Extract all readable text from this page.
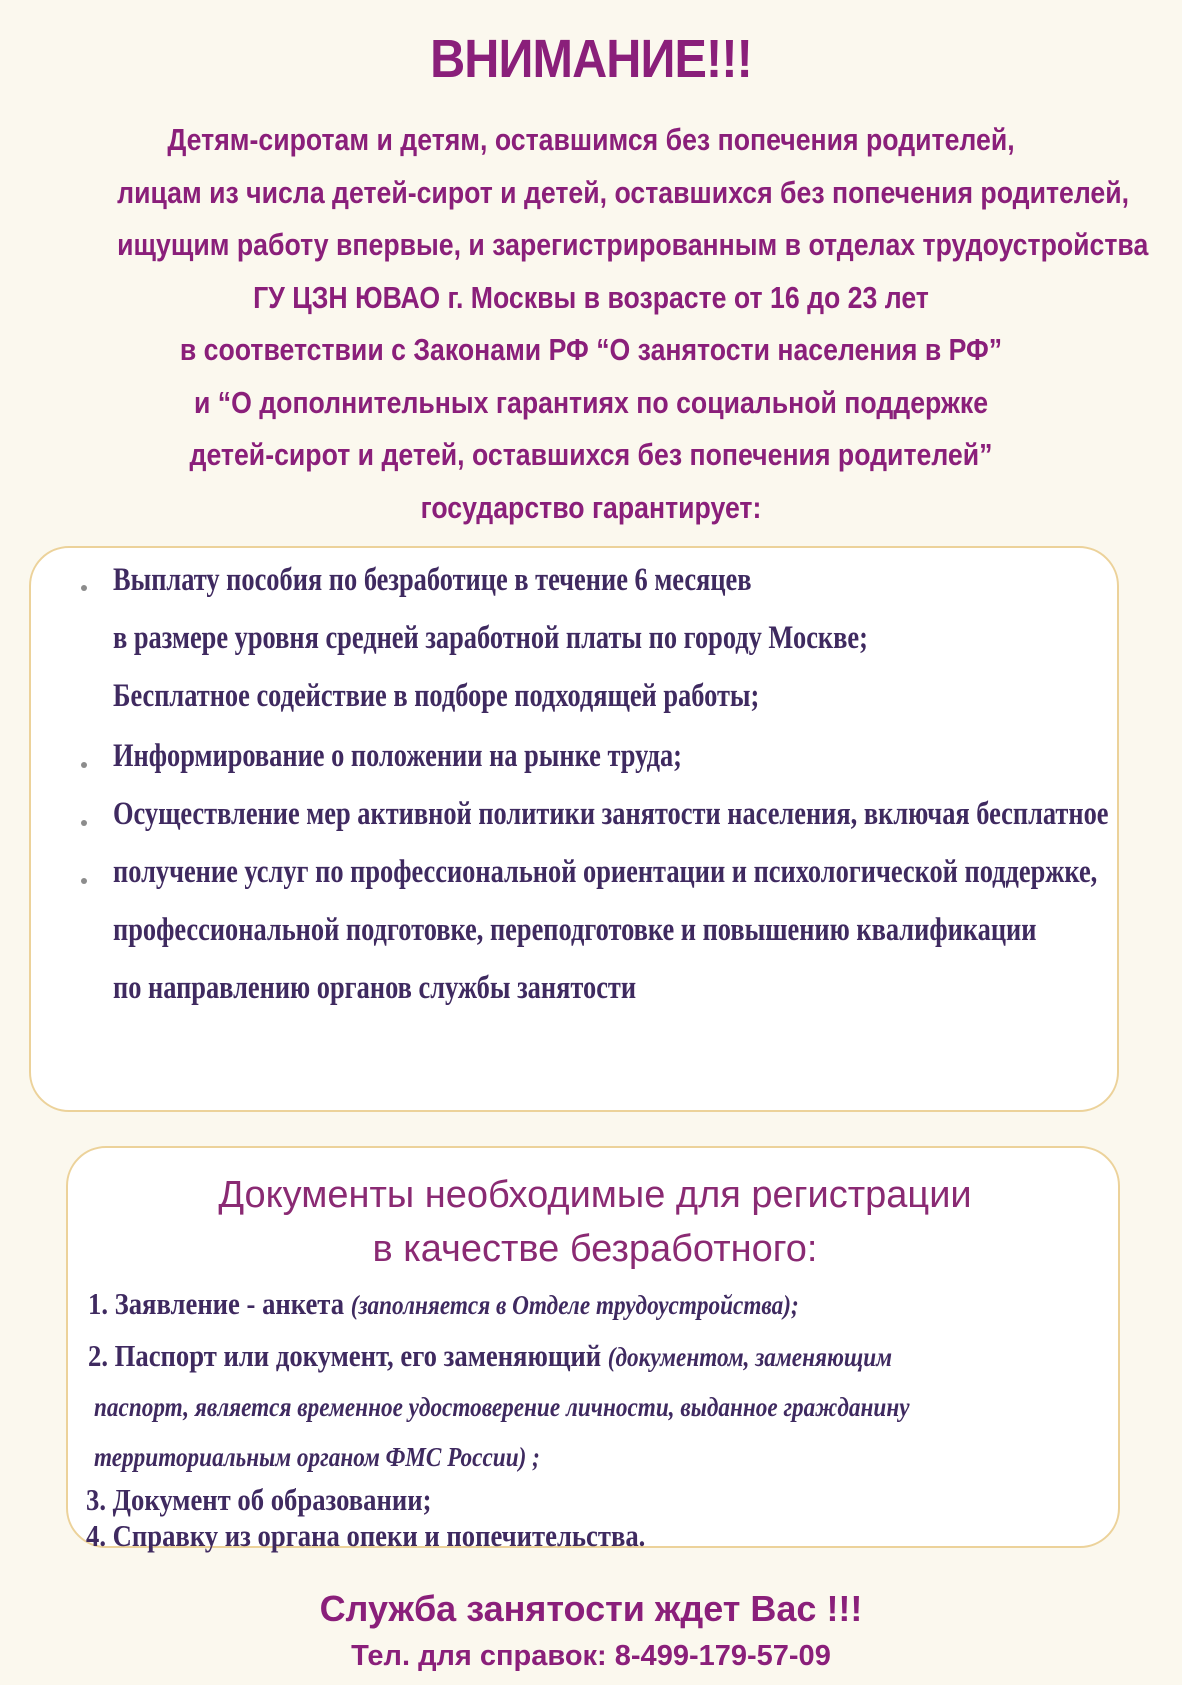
ВНИМАНИЕ!!!
Детям-сиротам и детям, оставшимся без попечения родителей,
лицам из числа детей-сирот и детей, оставшихся без попечения родителей,
ищущим работу впервые, и зарегистрированным в отделах трудоустройства
ГУ ЦЗН ЮВАО г. Москвы в возрасте от 16 до 23 лет
в соответствии с Законами РФ “О занятости населения в РФ”
и “О дополнительных гарантиях по социальной поддержке
детей-сирот и детей, оставшихся без попечения родителей”
государство гарантирует:
Выплату пособия по безработице в течение 6 месяцев
в размере уровня средней заработной платы по городу Москве;
Бесплатное содействие в подборе подходящей работы;
Информирование о положении на рынке труда;
Осуществление мер активной политики занятости населения, включая бесплатное
получение услуг по профессиональной ориентации и психологической поддержке,
профессиональной подготовке, переподготовке и повышению квалификации
по направлению органов службы занятости
Документы необходимые для регистрации
в качестве безработного:
1. Заявление - анкета (заполняется в Отделе трудоустройства);
2. Паспорт или документ, его заменяющий (документом, заменяющим
паспорт, является временное удостоверение личности, выданное гражданину
территориальным органом ФМС России) ;
3. Документ об образовании;
4. Справку из органа опеки и попечительства.
Служба занятости ждет Вас !!!
Тел. для справок: 8-499-179-57-09
